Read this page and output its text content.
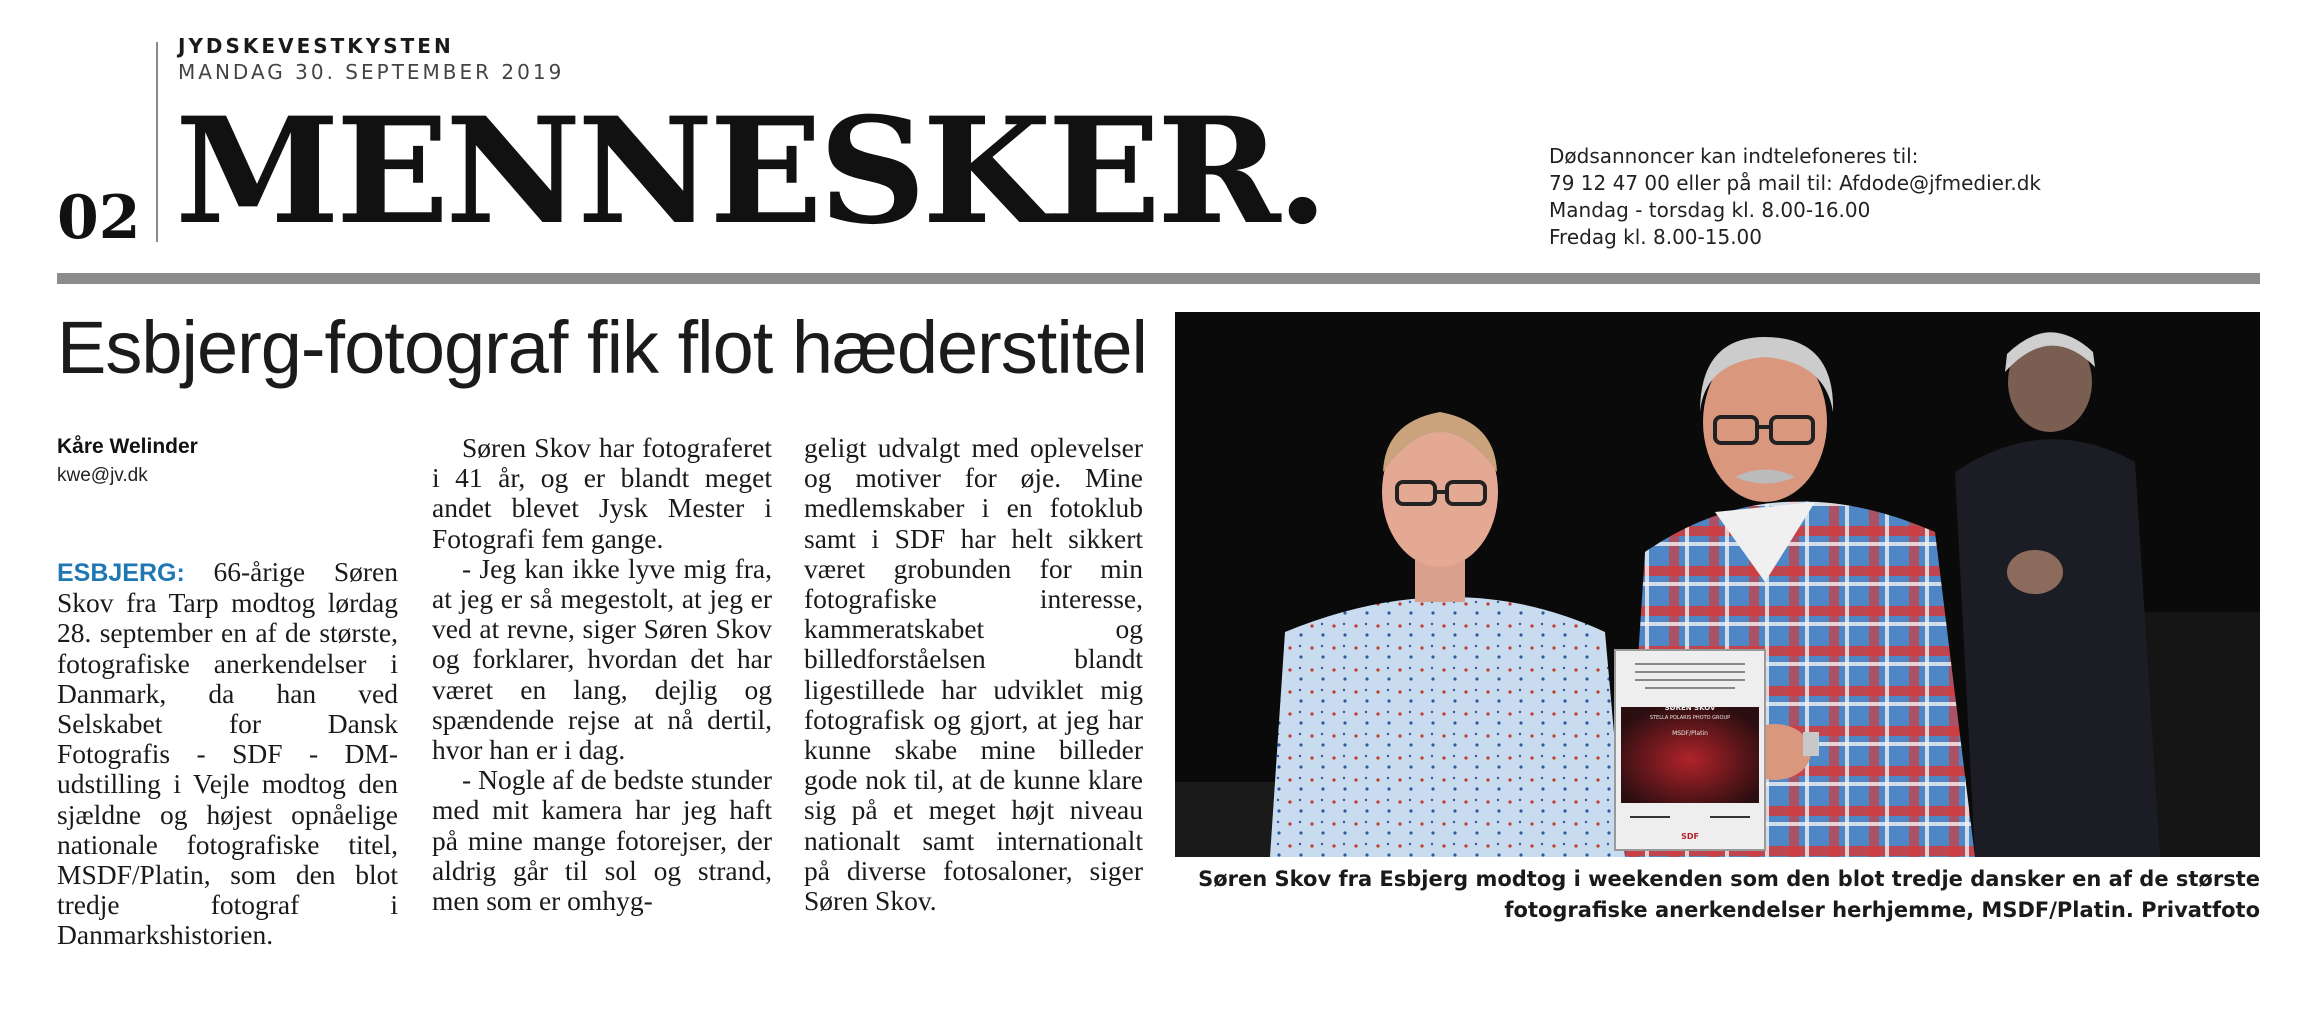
JYDSKEVESTKYSTEN
MANDAG 30. SEPTEMBER 2019
02 MENNESKER.	Dødsannoncer kan indtelefoneres til:
79 12 47 00 eller på mail til: Afdode@jfmedier.dk
Mandag - torsdag kl. 8.00-16.00
Fredag kl. 8.00-15.00
Esbjerg-fotograf fik flot hæderstitel
Kåre Welinder
kwe@jv.dk

ESBJERG: 66-årige Søren Skov fra Tarp modtog lørdag 28. september en af de største, fotografiske anerkendelser i Danmark, da han ved Selskabet for Dansk Fotografis - SDF - DM-udstilling i Vejle modtog den sjældne og højest opnåelige nationale fotografiske titel, MSDF/Platin, som den blot tredje fotograf i Danmarkshistorien.

Søren Skov har fotograferet i 41 år, og er blandt meget andet blevet Jysk Mester i Fotografi fem gange.

- Jeg kan ikke lyve mig fra, at jeg er så megestolt, at jeg er ved at revne, siger Søren Skov og forklarer, hvordan det har været en lang, dejlig og spændende rejse at nå dertil, hvor han er i dag.

- Nogle af de bedste stunder med mit kamera har jeg haft på mine mange fotorejser, der aldrig går til sol og strand, men som er omhyg-

geligt udvalgt med oplevelser og motiver for øje. Mine medlemskaber i en fotoklub samt i SDF har helt sikkert været grobunden for min fotografiske interesse, kammeratskabet og billedforståelsen blandt ligestillede har udviklet mig fotografisk og gjort, at jeg har kunne skabe mine billeder gode nok til, at de kunne klare sig på et meget højt niveau nationalt samt internationalt på diverse fotosaloner, siger Søren Skov.

SØREN SKOV
STELLA POLARIS PHOTO GROUP
MSDF/Platin
SDF
Søren Skov fra Esbjerg modtog i weekenden som den blot tredje dansker en af de største
fotografiske anerkendelser herhjemme, MSDF/Platin. Privatfoto
